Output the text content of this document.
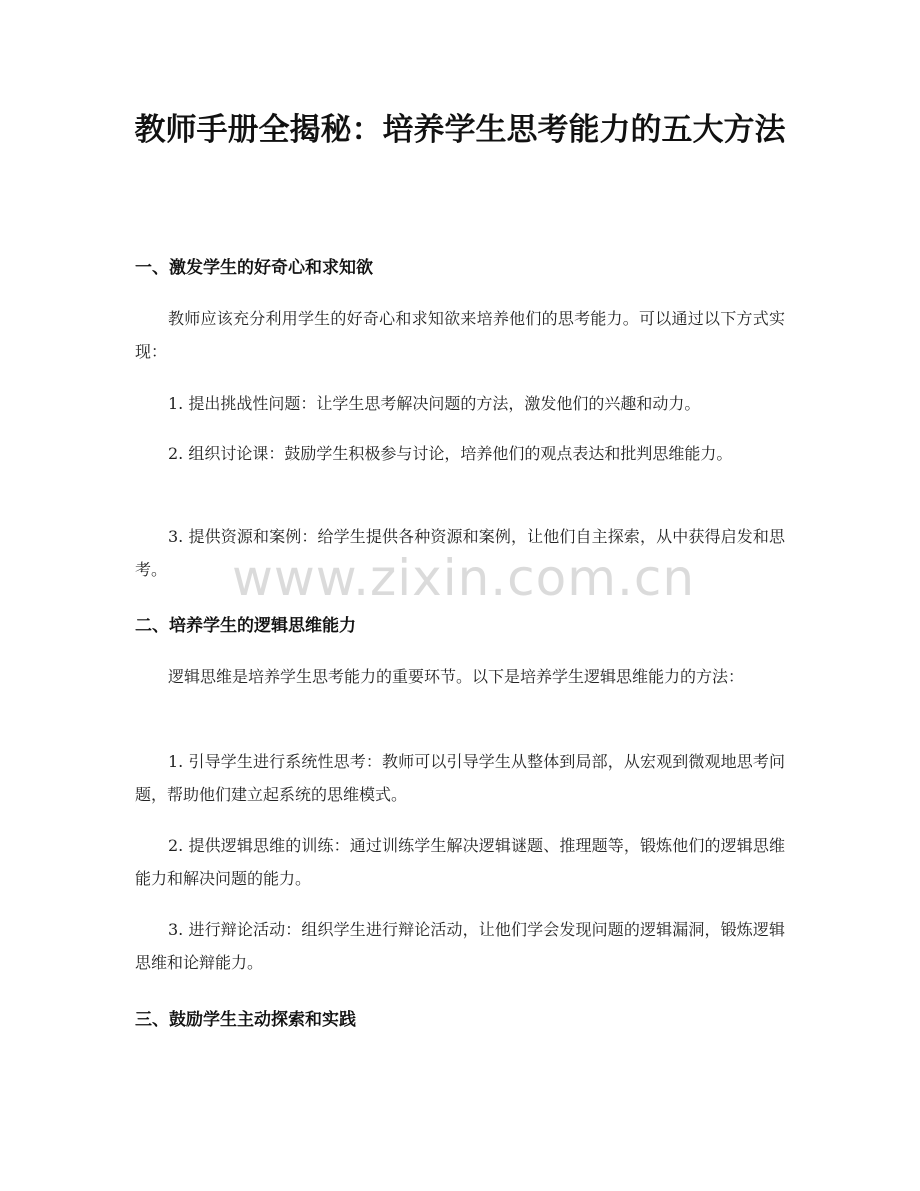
教师手册全揭秘：培养学生思考能力的五大方法
一、激发学生的好奇心和求知欲
教师应该充分利用学生的好奇心和求知欲来培养他们的思考能力。可以通过以下方式实现：
1. 提出挑战性问题：让学生思考解决问题的方法，激发他们的兴趣和动力。
2. 组织讨论课：鼓励学生积极参与讨论，培养他们的观点表达和批判思维能力。
3. 提供资源和案例：给学生提供各种资源和案例，让他们自主探索，从中获得启发和思考。
二、培养学生的逻辑思维能力
逻辑思维是培养学生思考能力的重要环节。以下是培养学生逻辑思维能力的方法：
1. 引导学生进行系统性思考：教师可以引导学生从整体到局部，从宏观到微观地思考问题，帮助他们建立起系统的思维模式。
2. 提供逻辑思维的训练：通过训练学生解决逻辑谜题、推理题等，锻炼他们的逻辑思维能力和解决问题的能力。
3. 进行辩论活动：组织学生进行辩论活动，让他们学会发现问题的逻辑漏洞，锻炼逻辑思维和论辩能力。
三、鼓励学生主动探索和实践
www.zixin.com.cn
